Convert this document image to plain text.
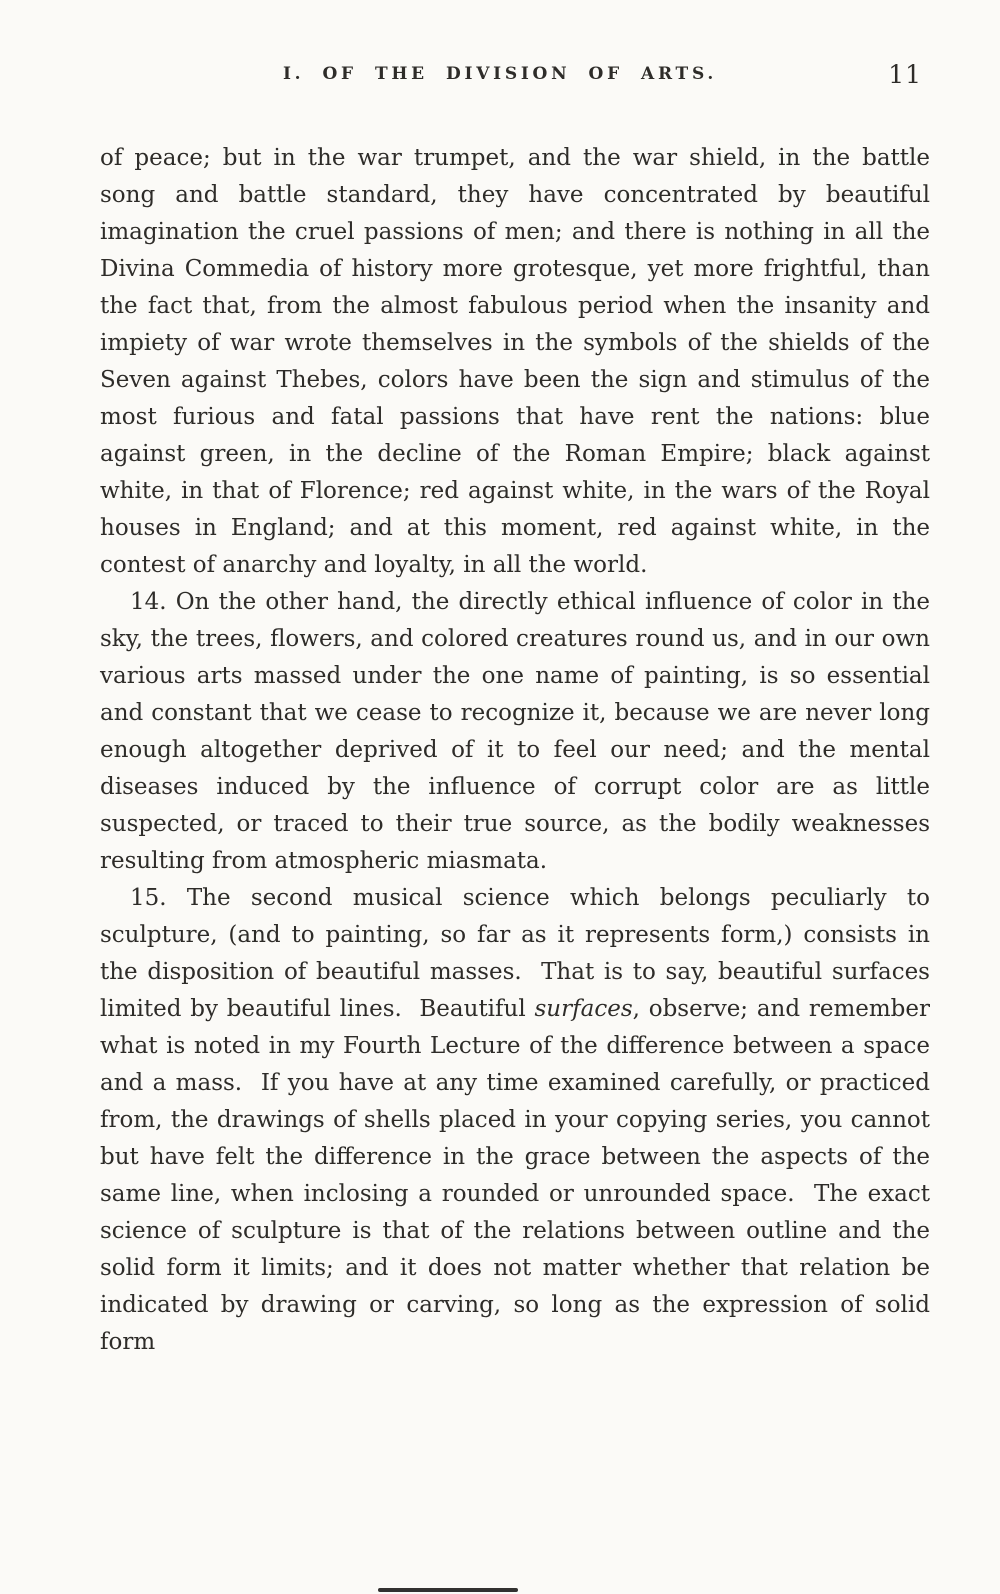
I. OF THE DIVISION OF ARTS.	11

of peace; but in the war trumpet, and the war shield, in the battle song and battle standard, they have concentrated by beautiful imagination the cruel passions of men; and there is nothing in all the Divina Commedia of history more grotesque, yet more frightful, than the fact that, from the almost fabulous period when the insanity and impiety of war wrote themselves in the symbols of the shields of the Seven against Thebes, colors have been the sign and stimulus of the most furious and fatal passions that have rent the nations: blue against green, in the decline of the Roman Empire; black against white, in that of Florence; red against white, in the wars of the Royal houses in England; and at this moment, red against white, in the contest of anarchy and loyalty, in all the world.

14. On the other hand, the directly ethical influence of color in the sky, the trees, flowers, and colored creatures round us, and in our own various arts massed under the one name of painting, is so essential and constant that we cease to recognize it, because we are never long enough altogether deprived of it to feel our need; and the mental diseases induced by the influence of corrupt color are as little suspected, or traced to their true source, as the bodily weaknesses resulting from atmospheric miasmata.

15. The second musical science which belongs peculiarly to sculpture, (and to painting, so far as it represents form,) consists in the disposition of beautiful masses.  That is to say, beautiful surfaces limited by beautiful lines.  Beautiful surfaces, observe; and remember what is noted in my Fourth Lecture of the difference between a space and a mass.  If you have at any time examined carefully, or practiced from, the drawings of shells placed in your copying series, you cannot but have felt the difference in the grace between the aspects of the same line, when inclosing a rounded or unrounded space.  The exact science of sculpture is that of the relations between outline and the solid form it limits; and it does not matter whether that relation be indicated by drawing or carving, so long as the expression of solid form
